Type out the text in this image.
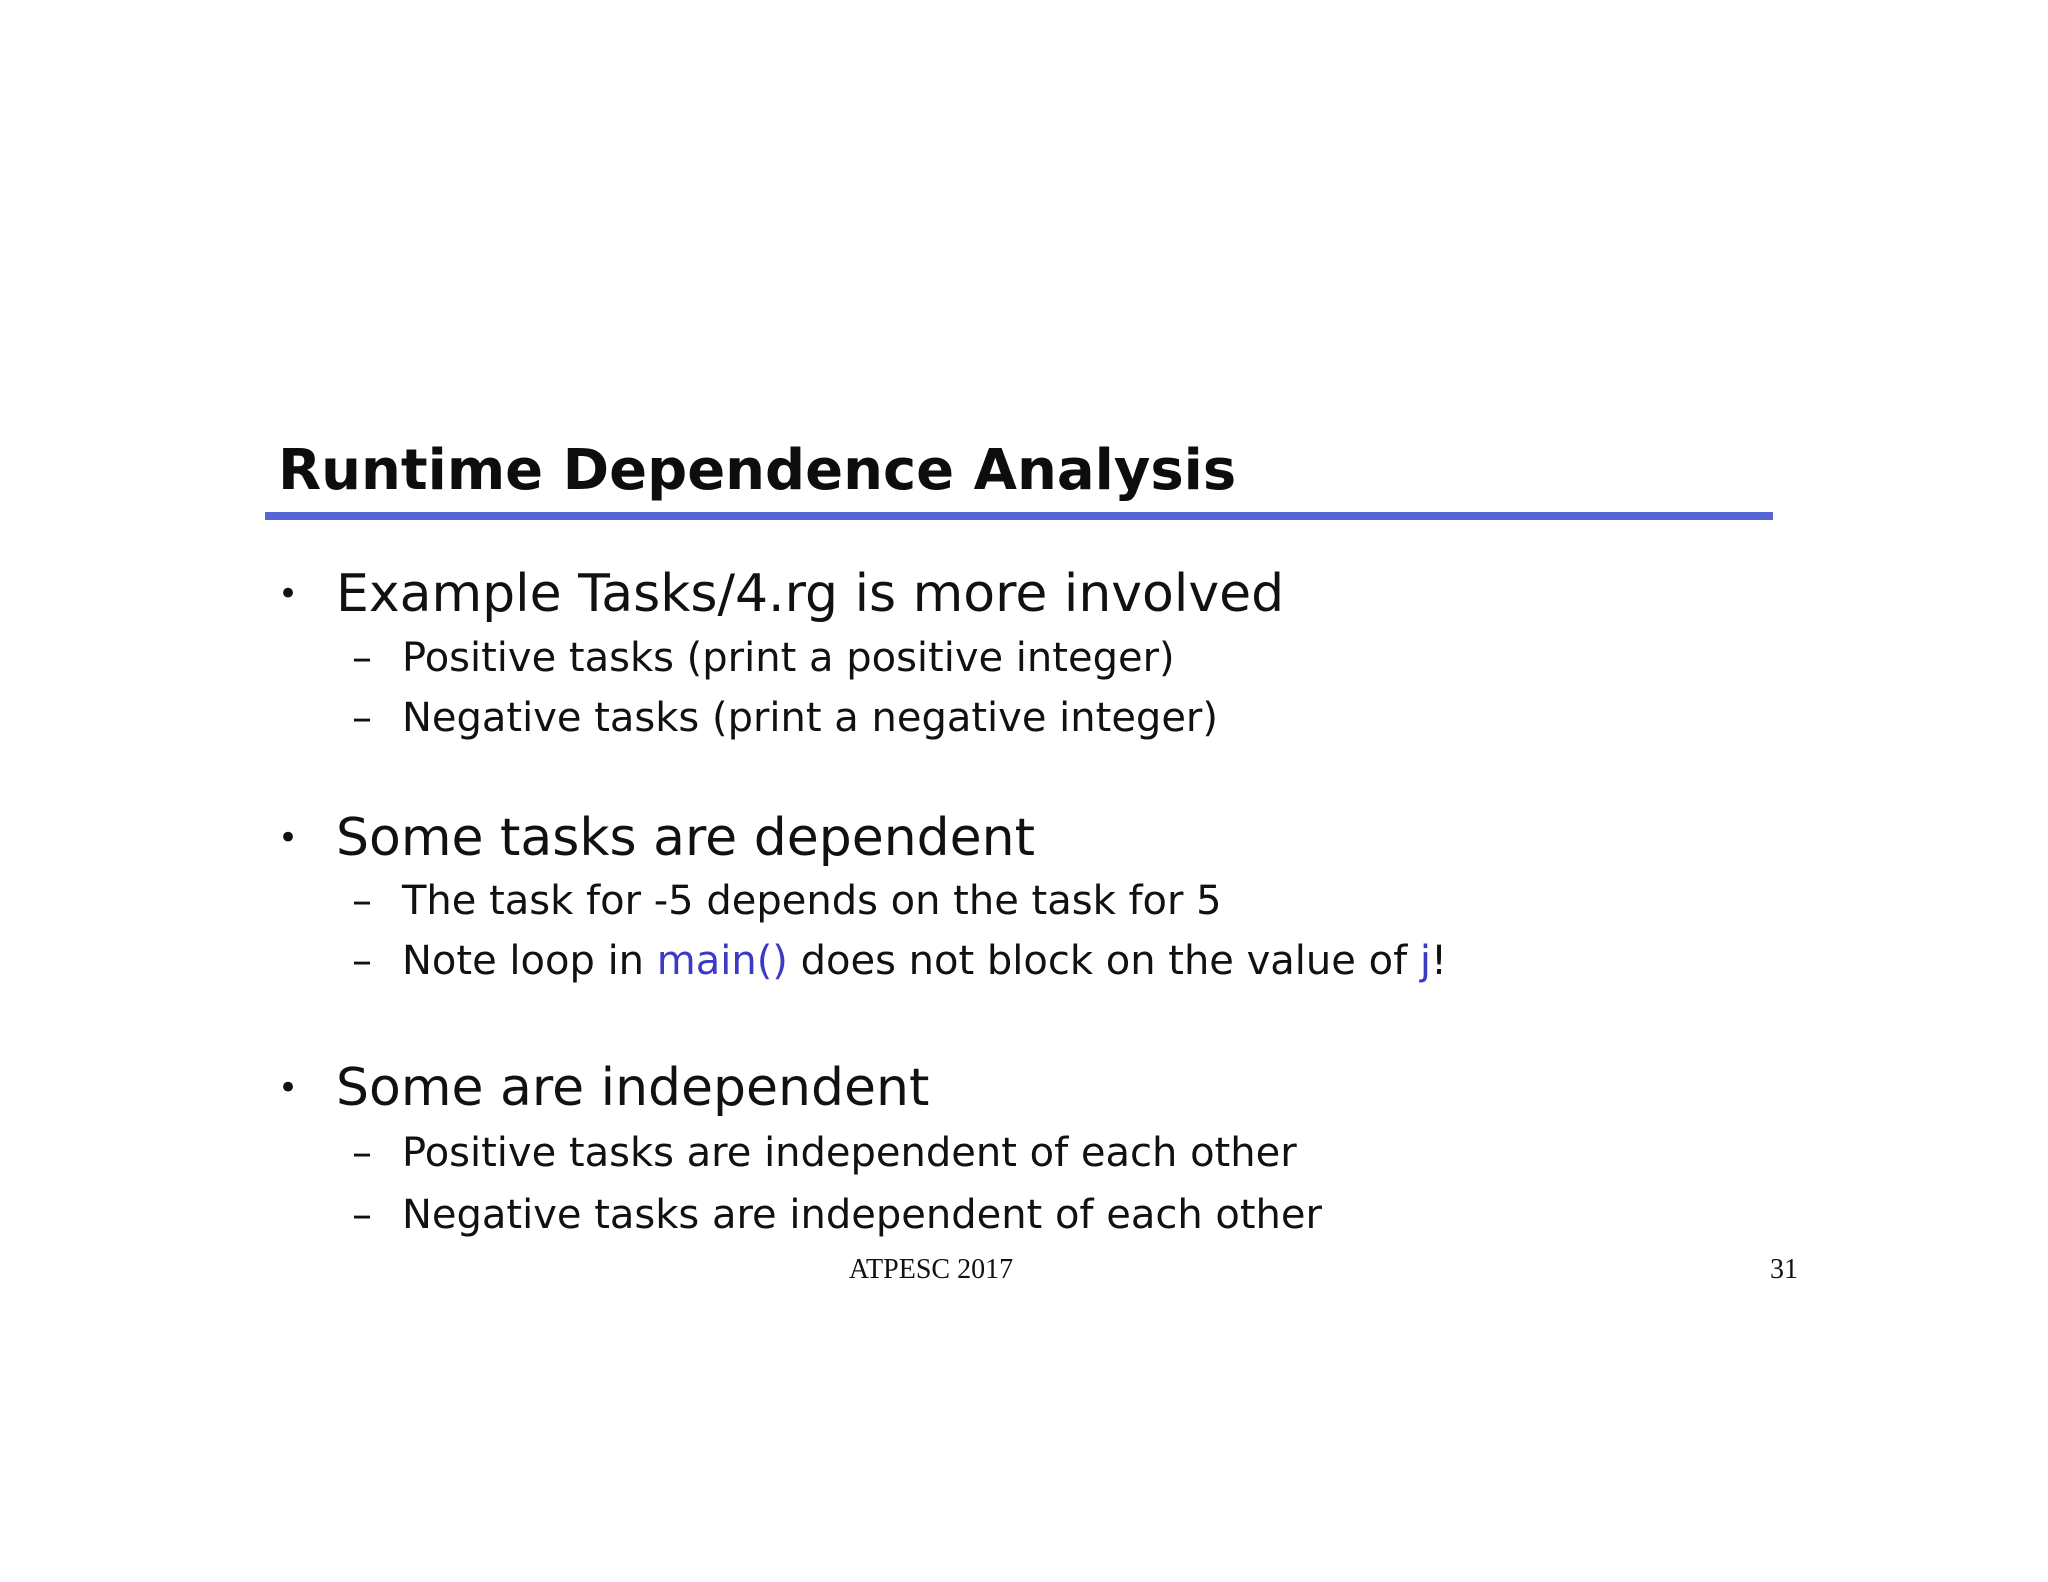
Runtime Dependence Analysis
• Example Tasks/4.rg is more involved
– Positive tasks (print a positive integer)
– Negative tasks (print a negative integer)
• Some tasks are dependent
– The task for -5 depends on the task for 5
– Note loop in main() does not block on the value of j!
• Some are independent
– Positive tasks are independent of each other
– Negative tasks are independent of each other
ATPESC 2017	31
